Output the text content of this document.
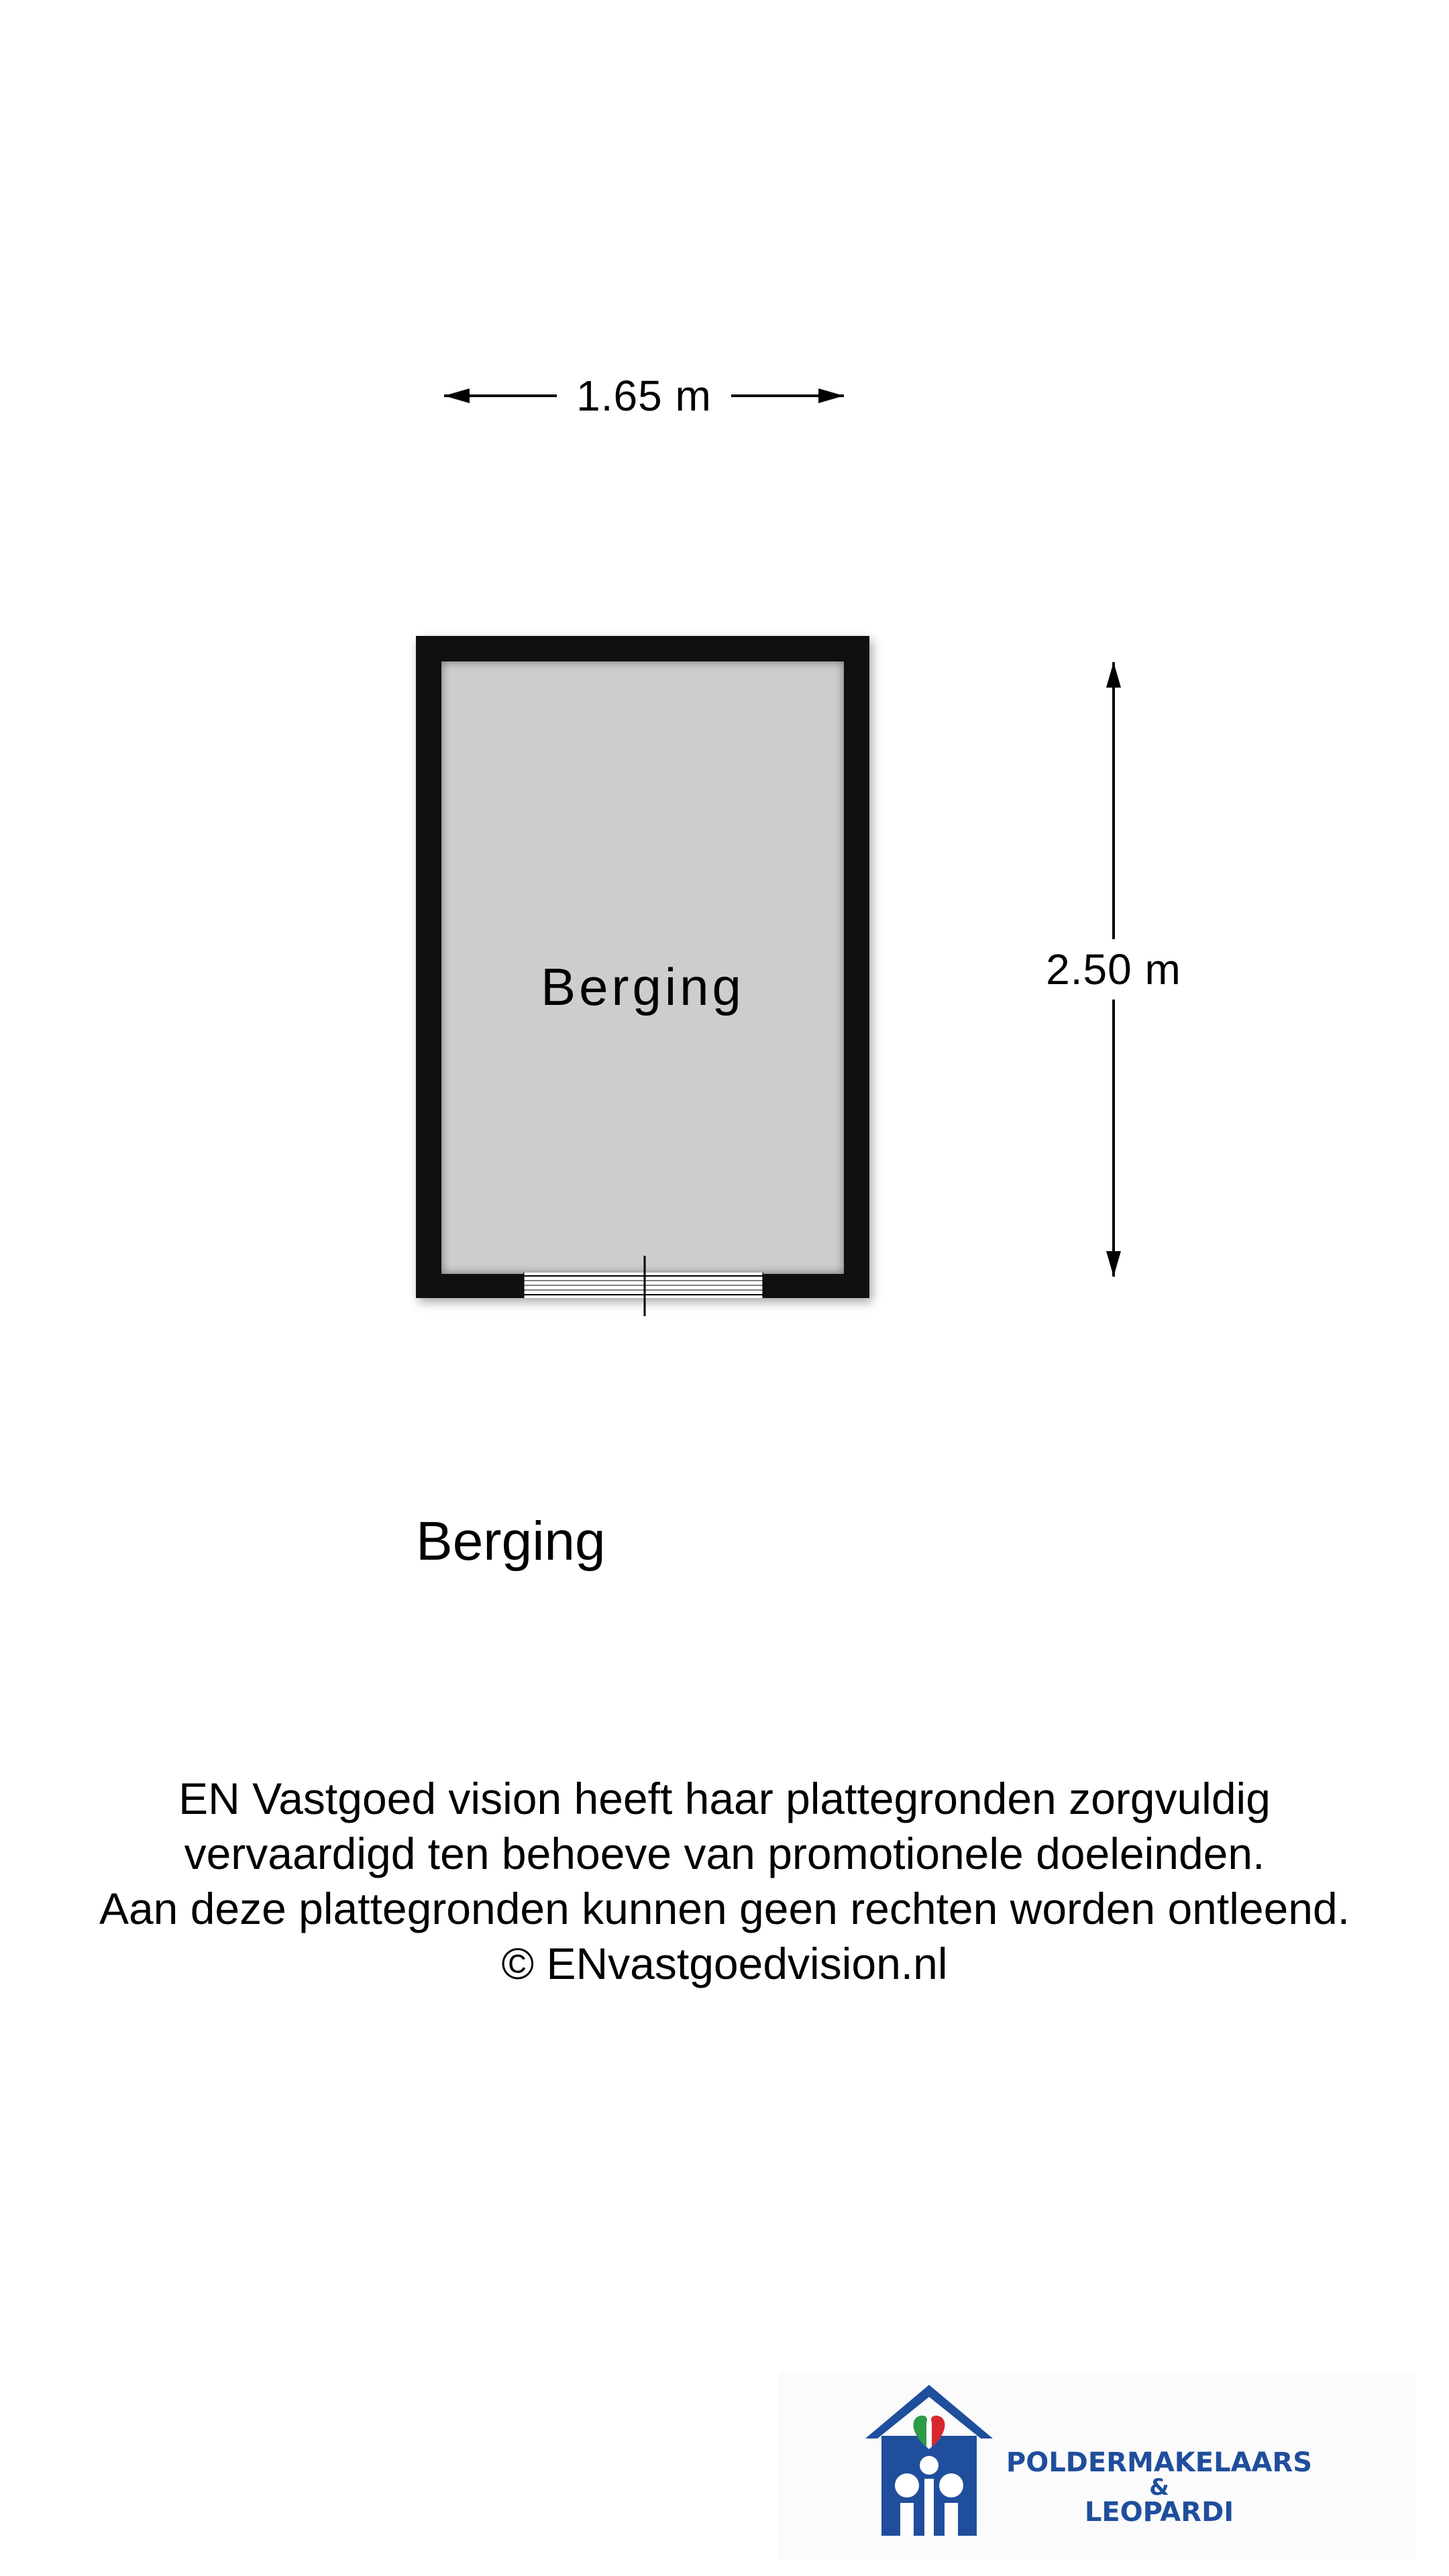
1.65 m
Berging	2.50 m
Berging
EN Vastgoed vision heeft haar plattegronden zorgvuldig
vervaardigd ten behoeve van promotionele doeleinden.
Aan deze plattegronden kunnen geen rechten worden ontleend.
© ENvastgoedvision.nl
POLDERMAKELAARS
&
LEOPARDI
